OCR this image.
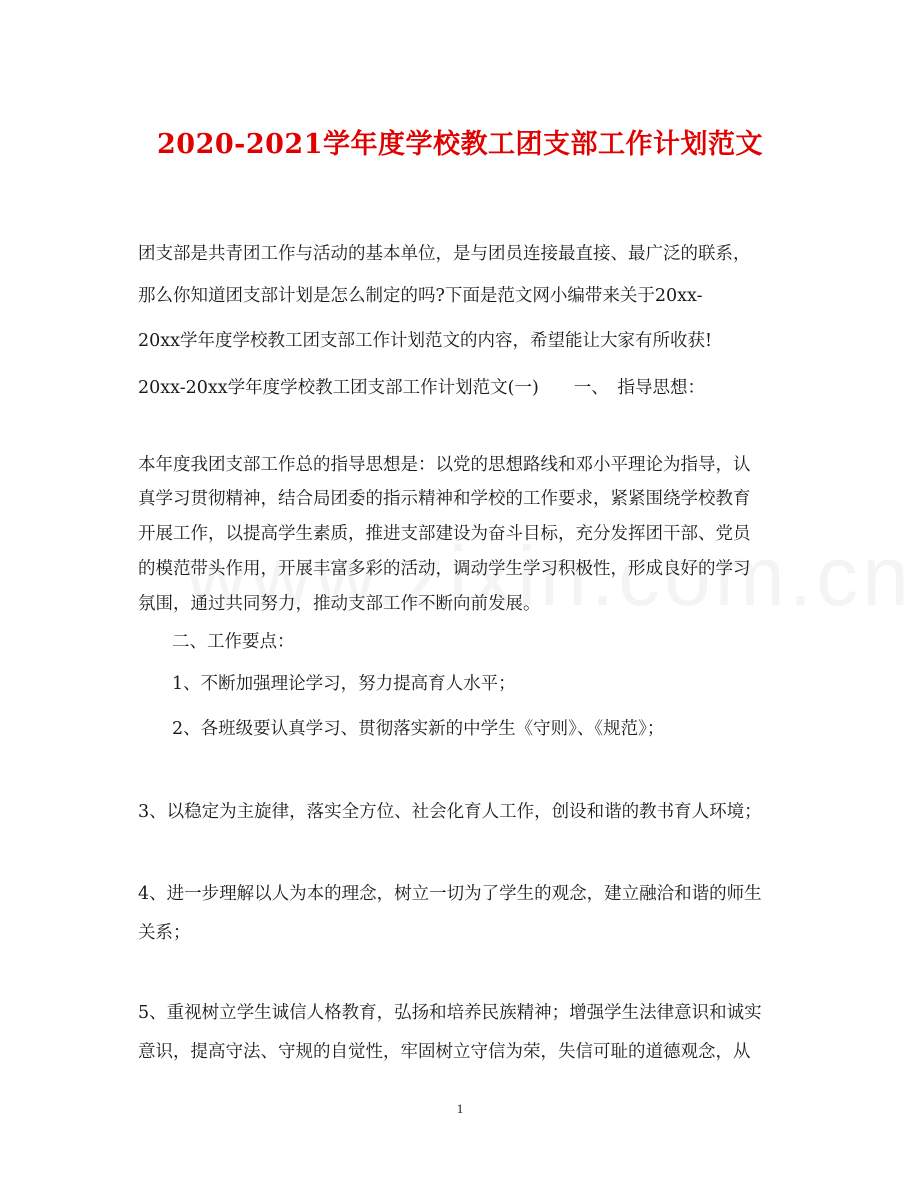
2020-2021学年度学校教工团支部工作计划范文
团支部是共青团工作与活动的基本单位，是与团员连接最直接、最广泛的联系，
那么你知道团支部计划是怎么制定的吗?下面是范文网小编带来关于20xx-
20xx学年度学校教工团支部工作计划范文的内容，希望能让大家有所收获!
20xx-20xx学年度学校教工团支部工作计划范文(一)　　一、　指导思想：
本年度我团支部工作总的指导思想是：以党的思想路线和邓小平理论为指导，认
真学习贯彻精神，结合局团委的指示精神和学校的工作要求，紧紧围绕学校教育
开展工作，以提高学生素质，推进支部建设为奋斗目标，充分发挥团干部、党员
的模范带头作用，开展丰富多彩的活动，调动学生学习积极性，形成良好的学习
氛围，通过共同努力，推动支部工作不断向前发展。
二、工作要点：
1、不断加强理论学习，努力提高育人水平；
2、各班级要认真学习、贯彻落实新的中学生《守则》、《规范》；
3、以稳定为主旋律，落实全方位、社会化育人工作，创设和谐的教书育人环境；
4、进一步理解以人为本的理念，树立一切为了学生的观念，建立融洽和谐的师生
关系；
5、重视树立学生诚信人格教育，弘扬和培养民族精神；增强学生法律意识和诚实
意识，提高守法、守规的自觉性，牢固树立守信为荣，失信可耻的道德观念，从
1
